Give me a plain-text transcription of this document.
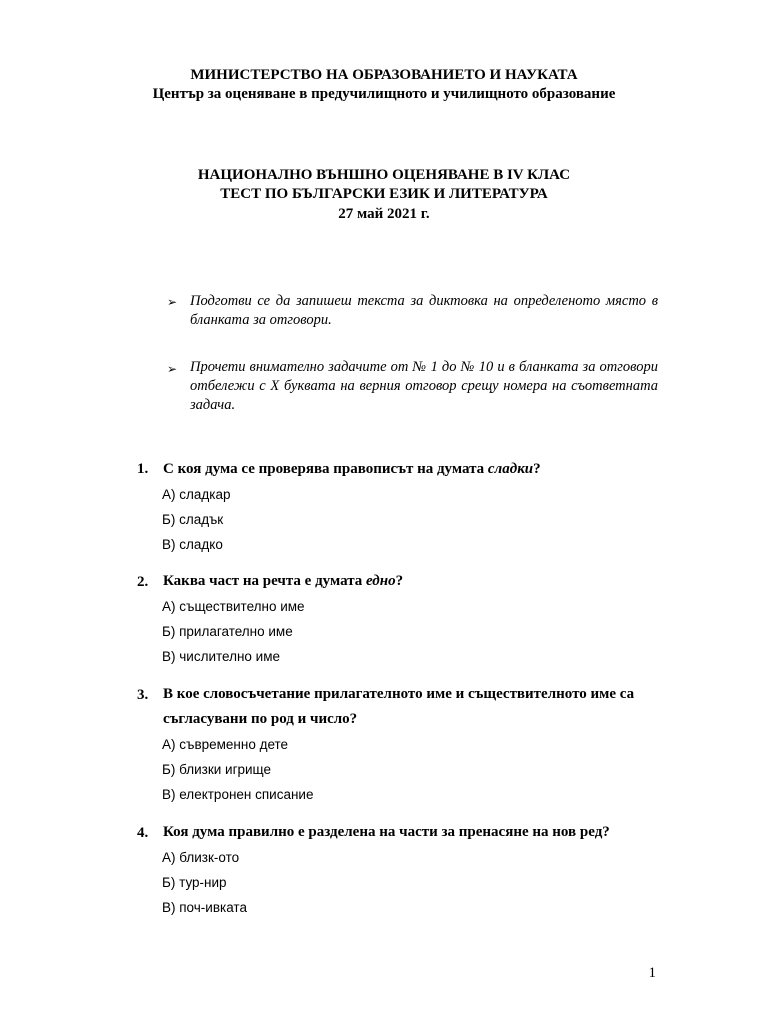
МИНИСТЕРСТВО НА ОБРАЗОВАНИЕТО И НАУКАТА
Център за оценяване в предучилищното и училищното образование
НАЦИОНАЛНО ВЪНШНО ОЦЕНЯВАНЕ В IV КЛАС
ТЕСТ ПО БЪЛГАРСКИ ЕЗИК И ЛИТЕРАТУРА
27 май 2021 г.
➢ Подготви се да запишеш текста за диктовка на определеното място в бланката за отговори.
➢ Прочети внимателно задачите от № 1 до № 10 и в бланката за отговори отбележи с Х буквата на верния отговор срещу номера на съответната задача.
1. С коя дума се проверява правописът на думата сладки?
А) сладкар
Б) сладък
В) сладко
2. Каква част на речта е думата едно?
А) съществително име
Б) прилагателно име
В) числително име
3. В кое словосъчетание прилагателното име и съществителното име са
съгласувани по род и число?
А) съвременно дете
Б) близки игрище
В) електронен списание
4. Коя дума правилно е разделена на части за пренасяне на нов ред?
А) близк-ото
Б) тур-нир
В) поч-ивката
1
